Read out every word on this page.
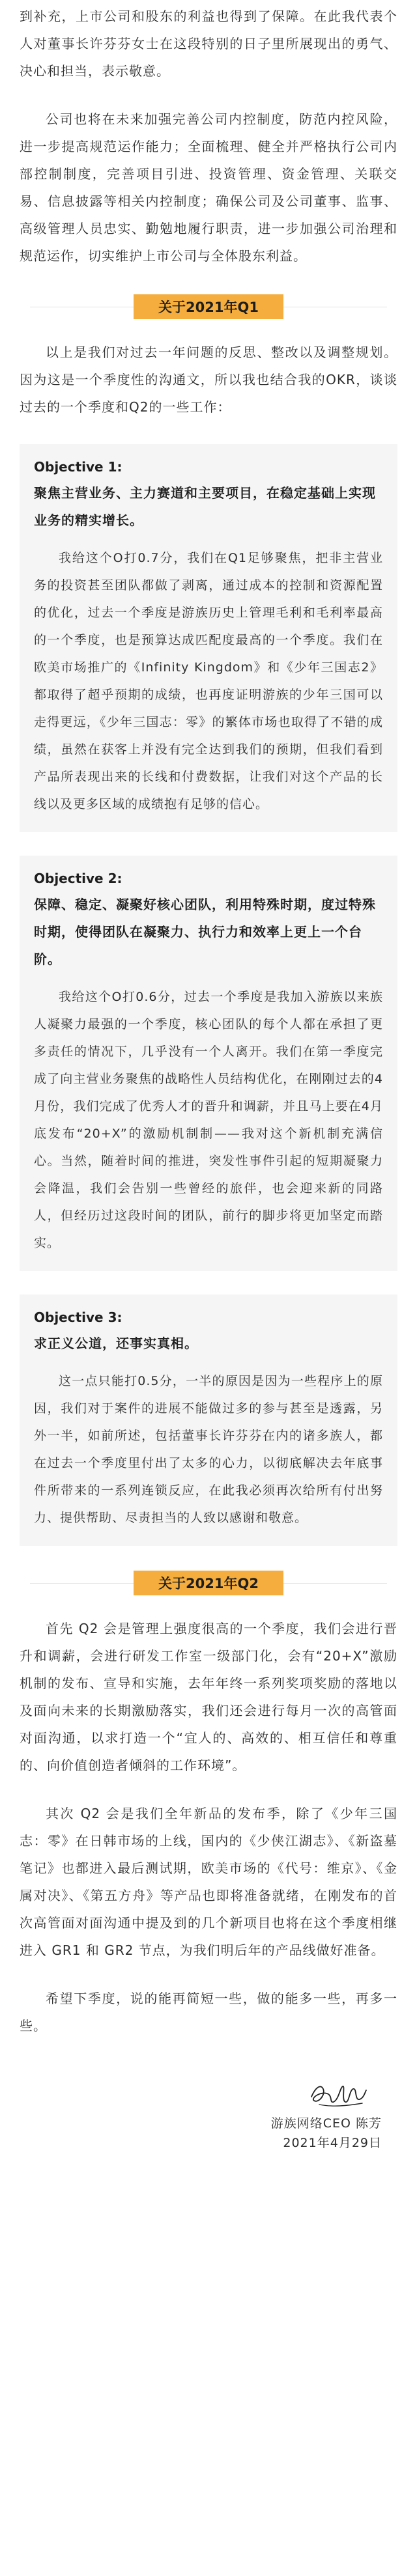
到补充，上市公司和股东的利益也得到了保障。在此我代表个人对董事长许芬芬女士在这段特别的日子里所展现出的勇气、决心和担当，表示敬意。

公司也将在未来加强完善公司内控制度，防范内控风险，进一步提高规范运作能力；全面梳理、健全并严格执行公司内部控制制度，完善项目引进、投资管理、资金管理、关联交易、信息披露等相关内控制度；确保公司及公司董事、监事、高级管理人员忠实、勤勉地履行职责，进一步加强公司治理和规范运作，切实维护上市公司与全体股东利益。

关于2021年Q1

以上是我们对过去一年问题的反思、整改以及调整规划。因为这是一个季度性的沟通文，所以我也结合我的OKR，谈谈过去的一个季度和Q2的一些工作：

Objective 1:

聚焦主营业务、主力赛道和主要项目，在稳定基础上实现业务的精实增长。

我给这个O打0.7分，我们在Q1足够聚焦，把非主营业务的投资甚至团队都做了剥离，通过成本的控制和资源配置的优化，过去一个季度是游族历史上管理毛利和毛利率最高的一个季度，也是预算达成匹配度最高的一个季度。我们在欧美市场推广的《Infinity Kingdom》和《少年三国志2》都取得了超乎预期的成绩，也再度证明游族的少年三国可以走得更远，《少年三国志：零》的繁体市场也取得了不错的成绩，虽然在获客上并没有完全达到我们的预期，但我们看到产品所表现出来的长线和付费数据，让我们对这个产品的长线以及更多区域的成绩抱有足够的信心。

Objective 2:

保障、稳定、凝聚好核心团队，利用特殊时期，度过特殊时期，使得团队在凝聚力、执行力和效率上更上一个台阶。

我给这个O打0.6分，过去一个季度是我加入游族以来族人凝聚力最强的一个季度，核心团队的每个人都在承担了更多责任的情况下，几乎没有一个人离开。我们在第一季度完成了向主营业务聚焦的战略性人员结构优化，在刚刚过去的4月份，我们完成了优秀人才的晋升和调薪，并且马上要在4月底发布“20+X”的激励机制制——我对这个新机制充满信心。当然，随着时间的推进，突发性事件引起的短期凝聚力会降温，我们会告别一些曾经的旅伴，也会迎来新的同路人，但经历过这段时间的团队，前行的脚步将更加坚定而踏实。

Objective 3:

求正义公道，还事实真相。

这一点只能打0.5分，一半的原因是因为一些程序上的原因，我们对于案件的进展不能做过多的参与甚至是透露，另外一半，如前所述，包括董事长许芬芬在内的诸多族人，都在过去一个季度里付出了太多的心力，以彻底解决去年底事件所带来的一系列连锁反应，在此我必须再次给所有付出努力、提供帮助、尽责担当的人致以感谢和敬意。

关于2021年Q2

首先 Q2 会是管理上强度很高的一个季度，我们会进行晋升和调薪，会进行研发工作室一级部门化，会有“20+X”激励机制的发布、宣导和实施，去年年终一系列奖项奖励的落地以及面向未来的长期激励落实，我们还会进行每月一次的高管面对面沟通，以求打造一个“宜人的、高效的、相互信任和尊重的、向价值创造者倾斜的工作环境”。

其次 Q2 会是我们全年新品的发布季，除了《少年三国志：零》在日韩市场的上线，国内的《少侠江湖志》、《新盗墓笔记》也都进入最后测试期，欧美市场的《代号：维京》、《金属对决》、《第五方舟》等产品也即将准备就绪，在刚发布的首次高管面对面沟通中提及到的几个新项目也将在这个季度相继进入 GR1 和 GR2 节点，为我们明后年的产品线做好准备。

希望下季度，说的能再简短一些，做的能多一些，再多一些。

游族网络CEO 陈芳
2021年4月29日
